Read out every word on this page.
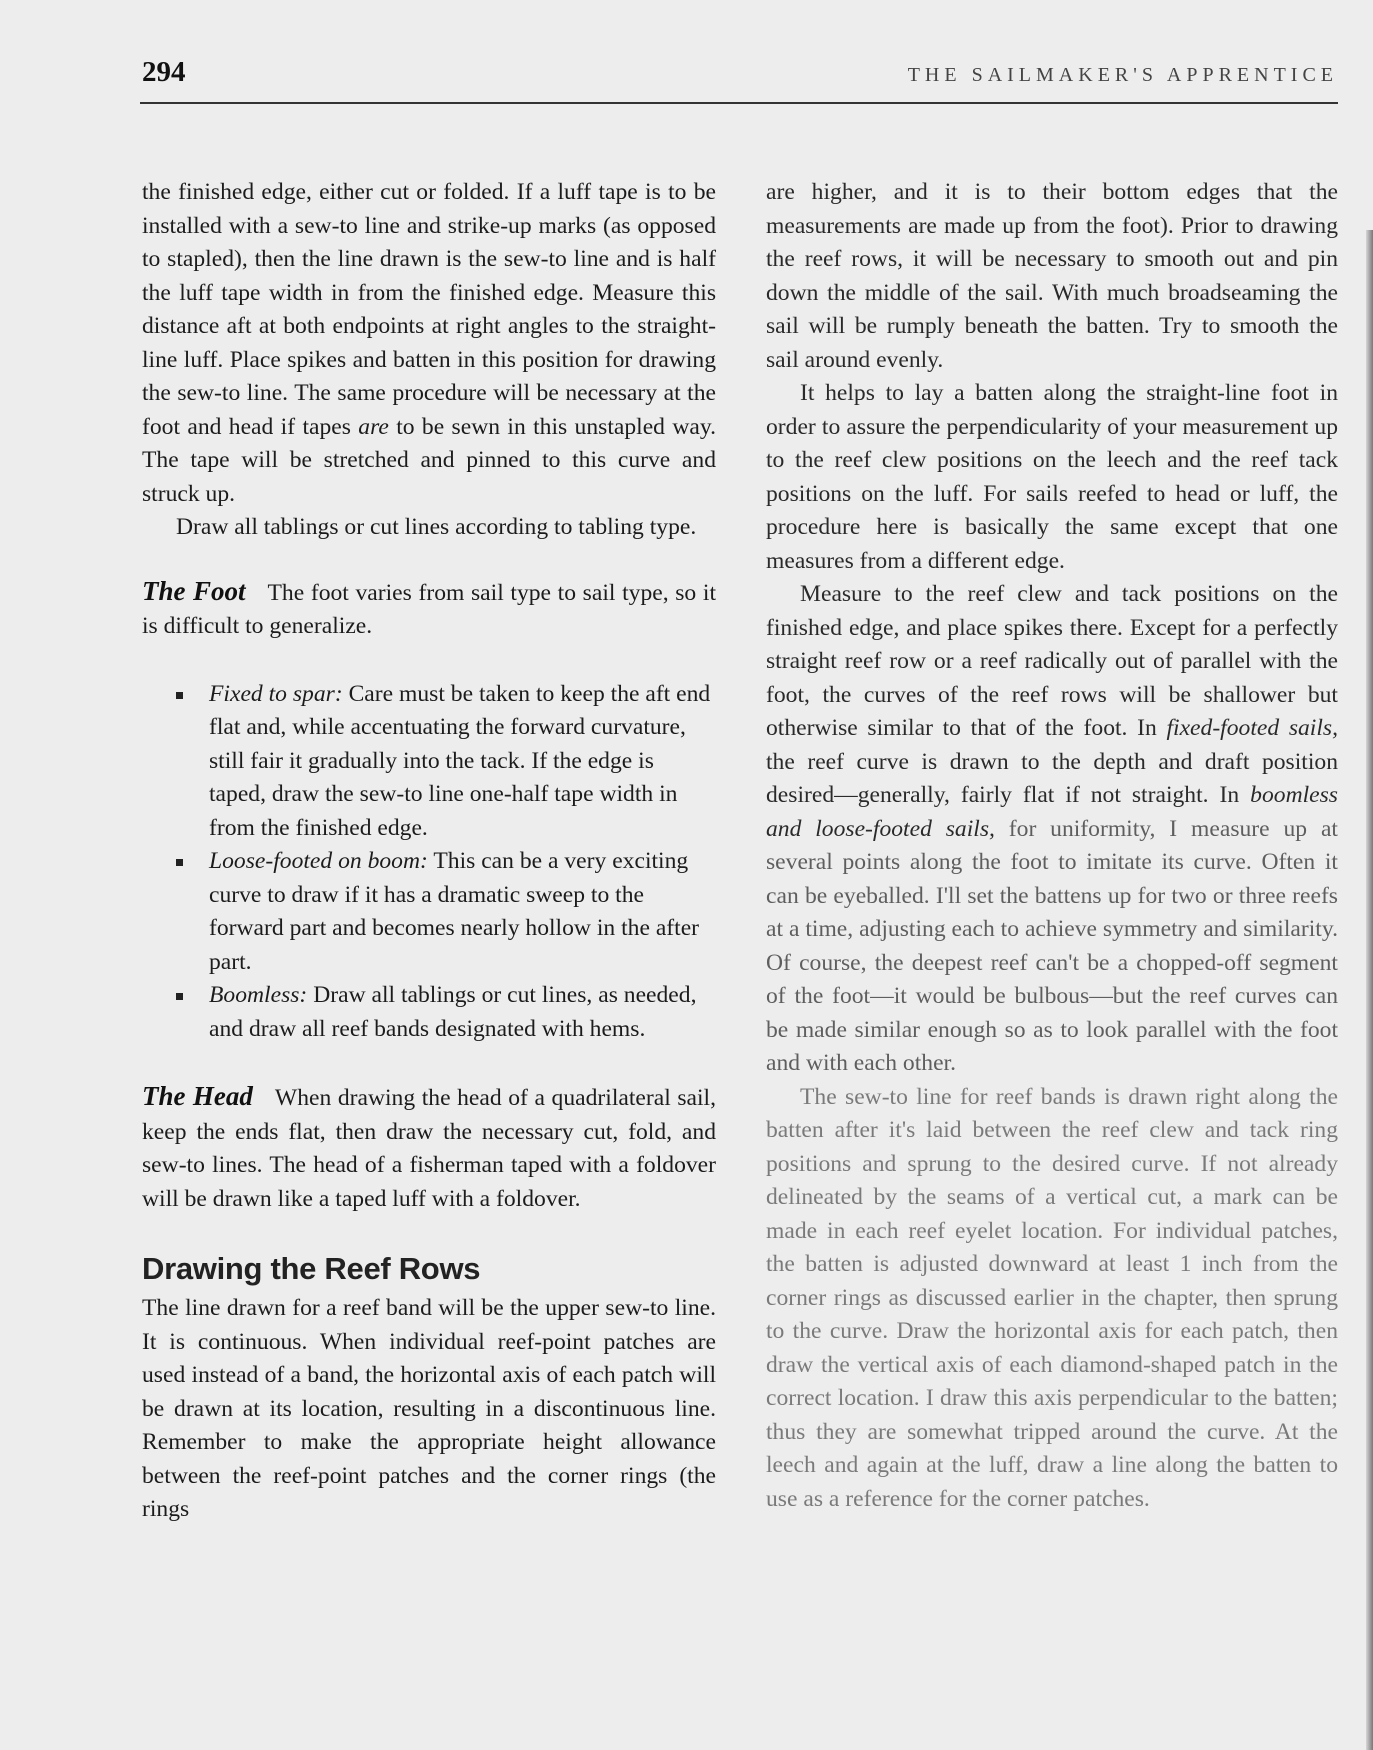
294	THE SAILMAKER'S APPRENTICE

the finished edge, either cut or folded. If a luff tape is to be installed with a sew-to line and strike-up marks (as opposed to stapled), then the line drawn is the sew-to line and is half the luff tape width in from the finished edge. Measure this distance aft at both endpoints at right angles to the straight-line luff. Place spikes and batten in this position for drawing the sew-to line. The same procedure will be necessary at the foot and head if tapes are to be sewn in this unstapled way. The tape will be stretched and pinned to this curve and struck up.

Draw all tablings or cut lines according to tabling type.

The Foot The foot varies from sail type to sail type, so it is difficult to generalize.

Fixed to spar: Care must be taken to keep the aft end flat and, while accentuating the forward curvature, still fair it gradually into the tack. If the edge is taped, draw the sew-to line one-half tape width in from the finished edge.
Loose-footed on boom: This can be a very exciting curve to draw if it has a dramatic sweep to the forward part and becomes nearly hollow in the after part.
Boomless: Draw all tablings or cut lines, as needed, and draw all reef bands designated with hems.

The Head When drawing the head of a quadrilateral sail, keep the ends flat, then draw the necessary cut, fold, and sew-to lines. The head of a fisherman taped with a foldover will be drawn like a taped luff with a foldover.

Drawing the Reef Rows

The line drawn for a reef band will be the upper sew-to line. It is continuous. When individual reef-point patches are used instead of a band, the horizontal axis of each patch will be drawn at its location, resulting in a discontinuous line. Remember to make the appropriate height allowance between the reef-point patches and the corner rings (the rings

are higher, and it is to their bottom edges that the measurements are made up from the foot). Prior to drawing the reef rows, it will be necessary to smooth out and pin down the middle of the sail. With much broadseaming the sail will be rumply beneath the batten. Try to smooth the sail around evenly.

It helps to lay a batten along the straight-line foot in order to assure the perpendicularity of your measurement up to the reef clew positions on the leech and the reef tack positions on the luff. For sails reefed to head or luff, the procedure here is basically the same except that one measures from a different edge.

Measure to the reef clew and tack positions on the finished edge, and place spikes there. Except for a perfectly straight reef row or a reef radically out of parallel with the foot, the curves of the reef rows will be shallower but otherwise similar to that of the foot. In fixed-footed sails, the reef curve is drawn to the depth and draft position desired—generally, fairly flat if not straight. In boomless and loose-footed sails, for uniformity, I measure up at several points along the foot to imitate its curve. Often it can be eyeballed. I'll set the battens up for two or three reefs at a time, adjusting each to achieve symmetry and similarity. Of course, the deepest reef can't be a chopped-off segment of the foot—it would be bulbous—but the reef curves can be made similar enough so as to look parallel with the foot and with each other.

The sew-to line for reef bands is drawn right along the batten after it's laid between the reef clew and tack ring positions and sprung to the desired curve. If not already delineated by the seams of a vertical cut, a mark can be made in each reef eyelet location. For individual patches, the batten is adjusted downward at least 1 inch from the corner rings as discussed earlier in the chapter, then sprung to the curve. Draw the horizontal axis for each patch, then draw the vertical axis of each diamond-shaped patch in the correct location. I draw this axis perpendicular to the batten; thus they are somewhat tripped around the curve. At the leech and again at the luff, draw a line along the batten to use as a reference for the corner patches.
